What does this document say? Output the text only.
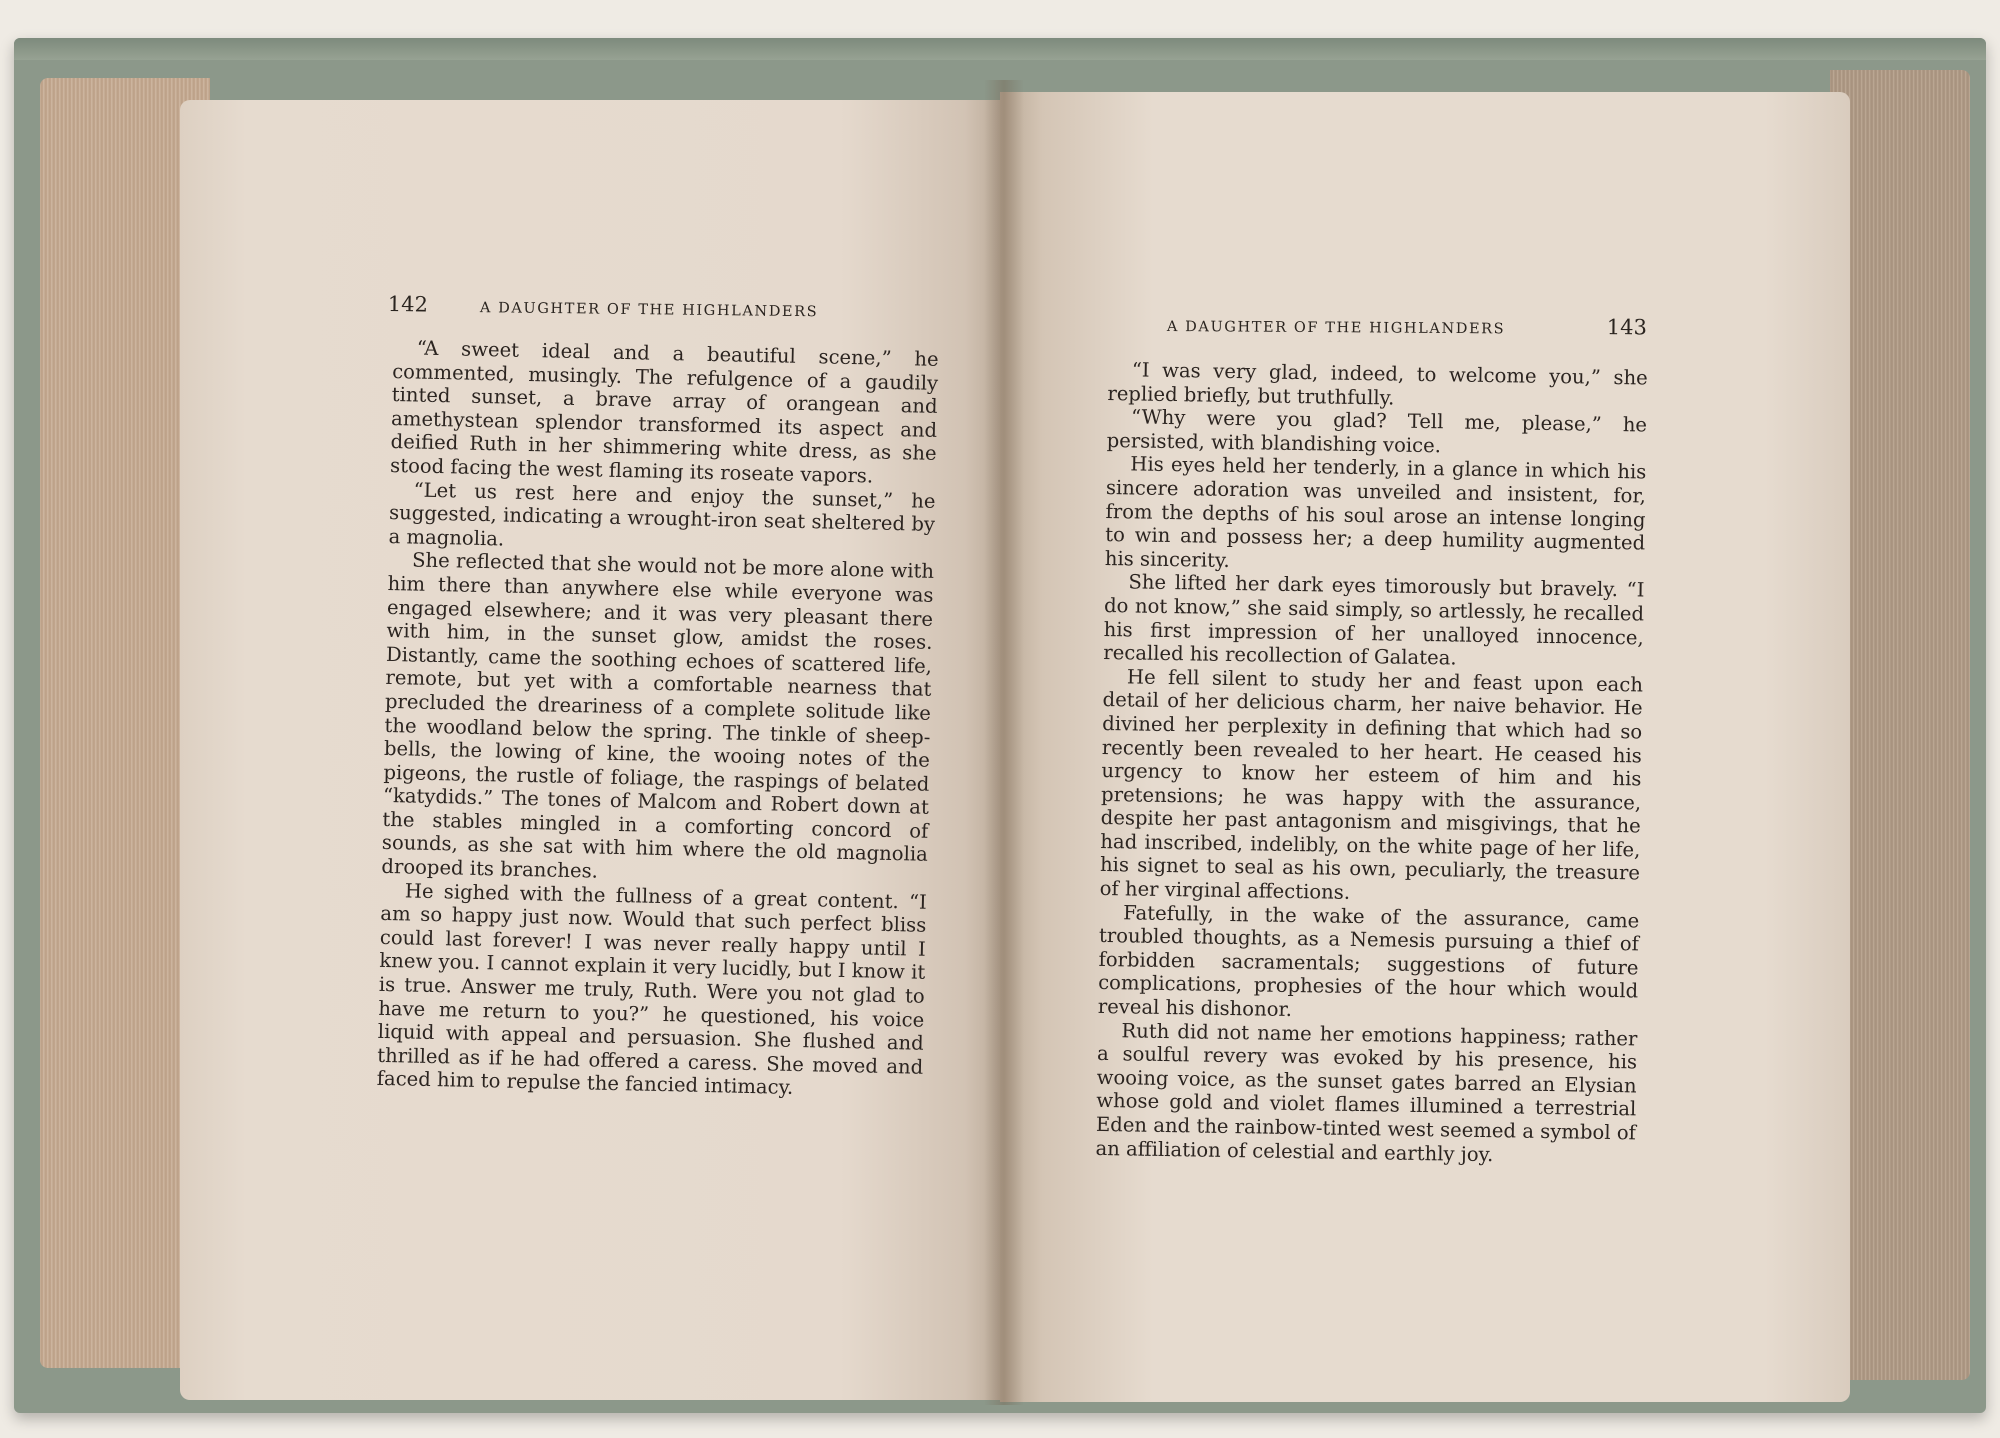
142	A DAUGHTER OF THE HIGHLANDERS

“A sweet ideal and a beautiful scene,” he commented, musingly. The refulgence of a gaudily tinted sunset, a brave array of orangean and amethystean splendor transformed its aspect and deified Ruth in her shimmering white dress, as she stood facing the west flaming its roseate vapors.

“Let us rest here and enjoy the sunset,” he suggested, indicating a wrought-iron seat sheltered by a magnolia.

She reflected that she would not be more alone with him there than anywhere else while everyone was engaged elsewhere; and it was very pleasant there with him, in the sunset glow, amidst the roses. Distantly, came the soothing echoes of scattered life, remote, but yet with a comfortable nearness that precluded the dreariness of a complete solitude like the woodland below the spring. The tinkle of sheep-bells, the lowing of kine, the wooing notes of the pigeons, the rustle of foliage, the raspings of belated “katydids.” The tones of Malcom and Robert down at the stables mingled in a comforting concord of sounds, as she sat with him where the old magnolia drooped its branches.

He sighed with the fullness of a great content. “I am so happy just now. Would that such perfect bliss could last forever! I was never really happy until I knew you. I cannot explain it very lucidly, but I know it is true. Answer me truly, Ruth. Were you not glad to have me return to you?” he questioned, his voice liquid with appeal and persuasion. She flushed and thrilled as if he had offered a caress. She moved and faced him to repulse the fancied intimacy.

A DAUGHTER OF THE HIGHLANDERS	143

“I was very glad, indeed, to welcome you,” she replied briefly, but truthfully.

“Why were you glad? Tell me, please,” he persisted, with blandishing voice.

His eyes held her tenderly, in a glance in which his sincere adoration was unveiled and insistent, for, from the depths of his soul arose an intense longing to win and possess her; a deep humility augmented his sincerity.

She lifted her dark eyes timorously but bravely. “I do not know,” she said simply, so artlessly, he recalled his first impression of her unalloyed innocence, recalled his recollection of Galatea.

He fell silent to study her and feast upon each detail of her delicious charm, her naive behavior. He divined her perplexity in defining that which had so recently been revealed to her heart. He ceased his urgency to know her esteem of him and his pretensions; he was happy with the assurance, despite her past antagonism and misgivings, that he had inscribed, indelibly, on the white page of her life, his signet to seal as his own, peculiarly, the treasure of her virginal affections.

Fatefully, in the wake of the assurance, came troubled thoughts, as a Nemesis pursuing a thief of forbidden sacramentals; suggestions of future complications, prophesies of the hour which would reveal his dishonor.

Ruth did not name her emotions happiness; rather a soulful revery was evoked by his presence, his wooing voice, as the sunset gates barred an Elysian whose gold and violet flames illumined a terrestrial Eden and the rainbow-tinted west seemed a symbol of an affiliation of celestial and earthly joy.
